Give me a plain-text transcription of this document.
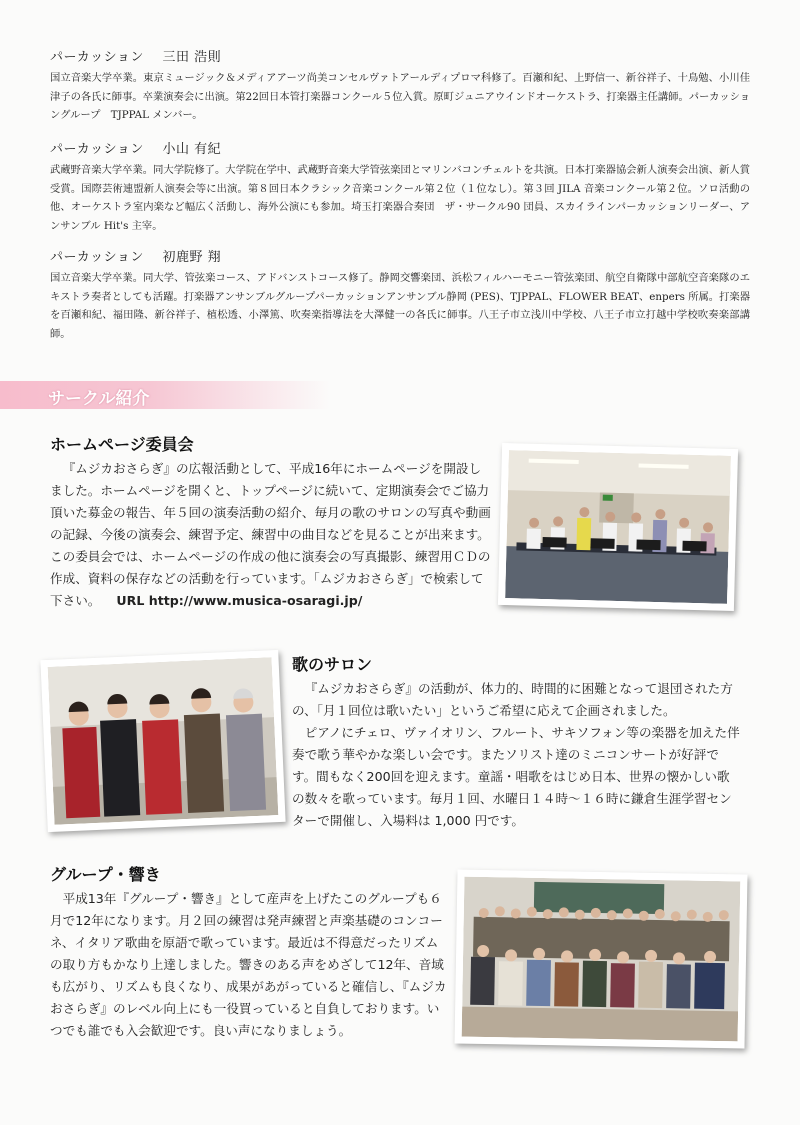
パーカッション 三田 浩則

国立音楽大学卒業。東京ミュージック＆メディアアーツ尚美コンセルヴァトアールディプロマ科修了。百瀬和紀、上野信一、新谷祥子、十鳥勉、小川佳津子の各氏に師事。卒業演奏会に出演。第22回日本管打楽器コンクール５位入賞。原町ジュニアウインドオーケストラ、打楽器主任講師。パーカッショングループ　TJPPAL メンバー。

パーカッション 小山 有紀

武蔵野音楽大学卒業。同大学院修了。大学院在学中、武蔵野音楽大学管弦楽団とマリンバコンチェルトを共演。日本打楽器協会新人演奏会出演、新人賞受賞。国際芸術連盟新人演奏会等に出演。第８回日本クラシック音楽コンクール第２位（１位なし）。第３回 JILA 音楽コンクール第２位。ソロ活動の他、オーケストラ室内楽など幅広く活動し、海外公演にも参加。埼玉打楽器合奏団　ザ・サークル90 団員、スカイラインパーカッションリーダー、アンサンブル Hit's 主宰。

パーカッション 初鹿野 翔

国立音楽大学卒業。同大学、管弦楽コース、アドバンストコース修了。静岡交響楽団、浜松フィルハーモニー管弦楽団、航空自衛隊中部航空音楽隊のエキストラ奏者としても活躍。打楽器アンサンブルグループパーカッションアンサンブル静岡 (PES)、TJPPAL、FLOWER BEAT、enpers 所属。打楽器を百瀬和紀、福田隆、新谷祥子、植松透、小澤篤、吹奏楽指導法を大澤健一の各氏に師事。八王子市立浅川中学校、八王子市立打越中学校吹奏楽部講師。

サークル紹介
ホームページ委員会

『ムジカおさらぎ』の広報活動として、平成16年にホームページを開設しました。ホームページを開くと、トップページに続いて、定期演奏会でご協力頂いた募金の報告、年５回の演奏活動の紹介、毎月の歌のサロンの写真や動画の記録、今後の演奏会、練習予定、練習中の曲目などを見ることが出来ます。この委員会では、ホームページの作成の他に演奏会の写真撮影、練習用ＣＤの作成、資料の保存などの活動を行っています。「ムジカおさらぎ」で検索して下さい。 URL http://www.musica-osaragi.jp/

歌のサロン

『ムジカおさらぎ』の活動が、体力的、時間的に困難となって退団された方の、「月１回位は歌いたい」というご希望に応えて企画されました。

ピアノにチェロ、ヴァイオリン、フルート、サキソフォン等の楽器を加えた伴奏で歌う華やかな楽しい会です。またソリスト達のミニコンサートが好評です。間もなく200回を迎えます。童謡・唱歌をはじめ日本、世界の懐かしい歌の数々を歌っています。毎月１回、水曜日１４時～１６時に鎌倉生涯学習センターで開催し、入場料は 1,000 円です。

グループ・響き

平成13年『グループ・響き』として産声を上げたこのグループも６月で12年になります。月２回の練習は発声練習と声楽基礎のコンコーネ、イタリア歌曲を原語で歌っています。最近は不得意だったリズムの取り方もかなり上達しました。響きのある声をめざして12年、音域も広がり、リズムも良くなり、成果があがっていると確信し、『ムジカおさらぎ』のレベル向上にも一役買っていると自負しております。いつでも誰でも入会歓迎です。良い声になりましょう。
